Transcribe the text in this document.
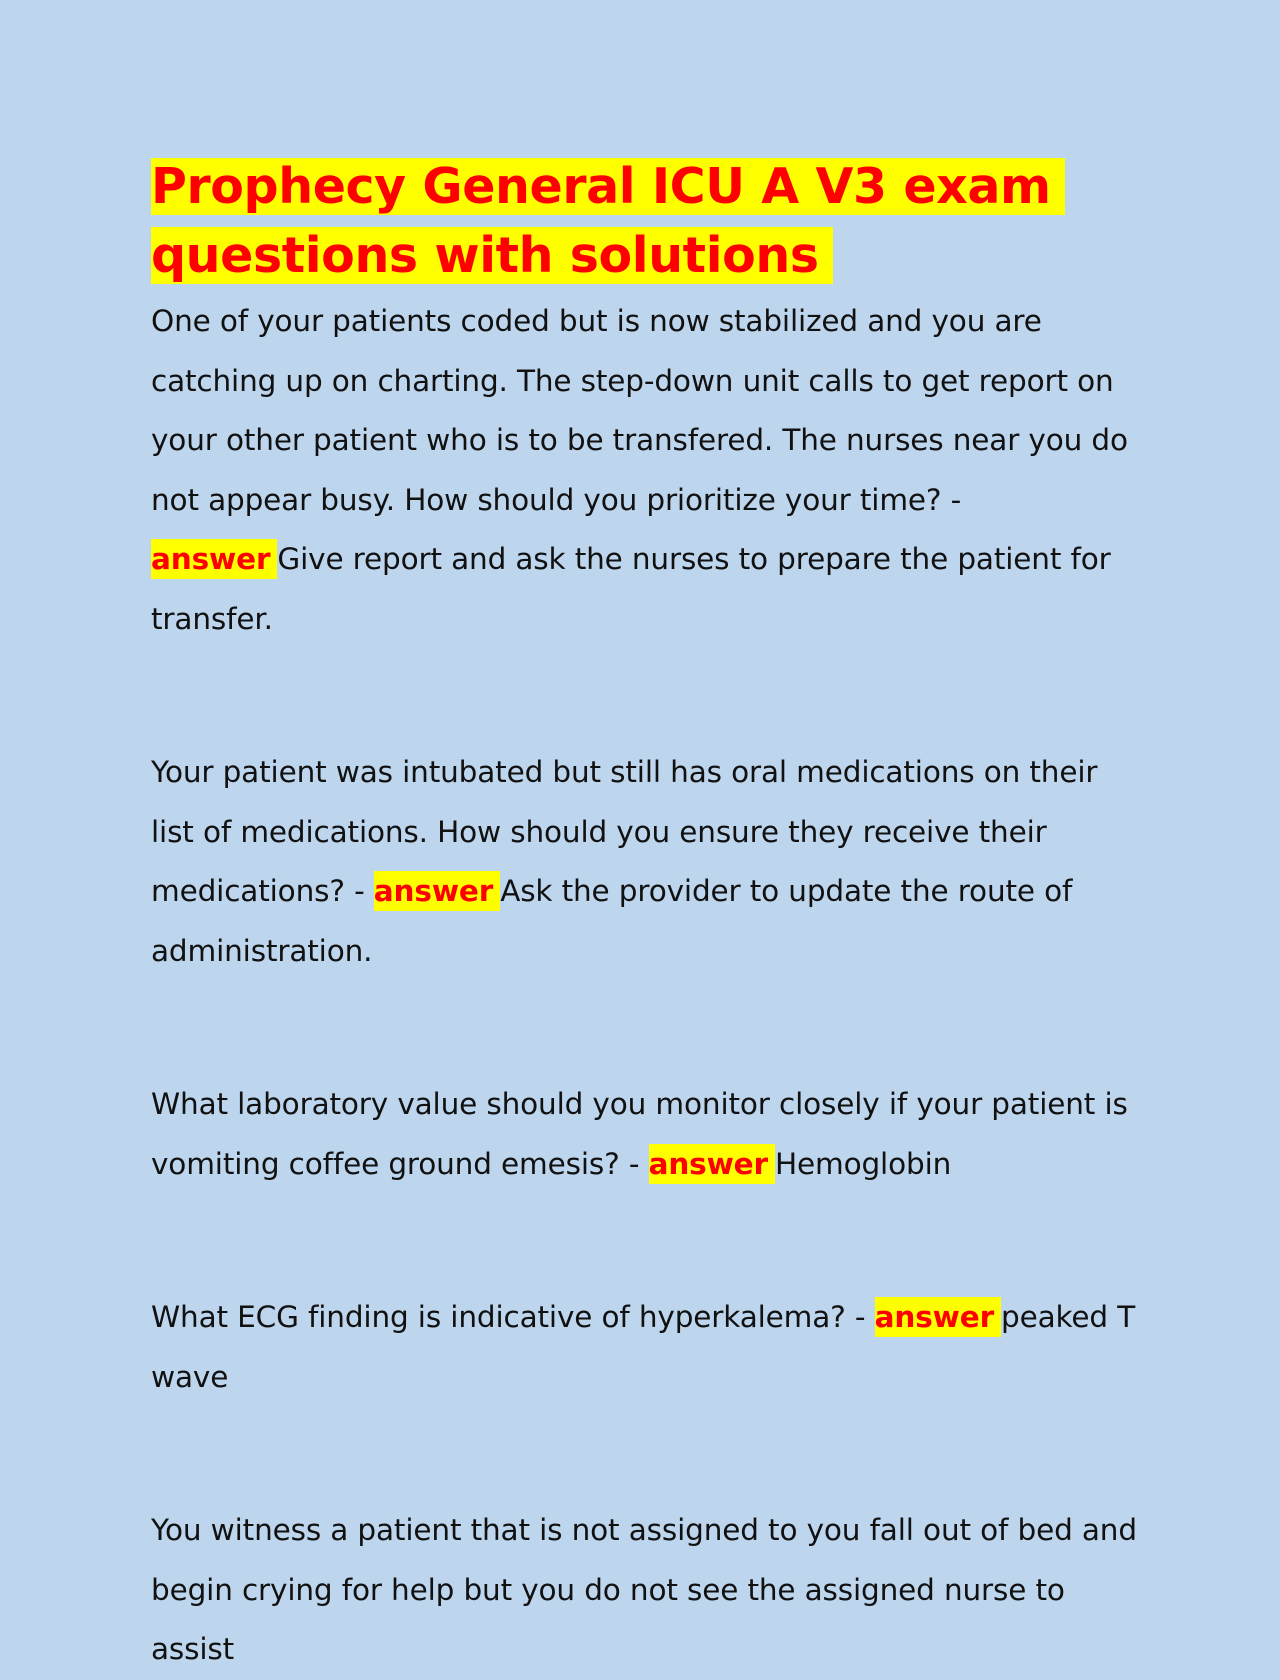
Prophecy General ICU A V3 exam questions with solutions

One of your patients coded but is now stabilized and you are catching up on charting. The step-down unit calls to get report on your other patient who is to be transfered. The nurses near you do not appear busy. How should you prioritize your time? - answer Give report and ask the nurses to prepare the patient for transfer.

Your patient was intubated but still has oral medications on their list of medications. How should you ensure they receive their medications? - answer Ask the provider to update the route of administration.

What laboratory value should you monitor closely if your patient is vomiting coffee ground emesis? - answer Hemoglobin

What ECG finding is indicative of hyperkalema? - answer peaked T wave

You witness a patient that is not assigned to you fall out of bed and begin crying for help but you do not see the assigned nurse to assist
